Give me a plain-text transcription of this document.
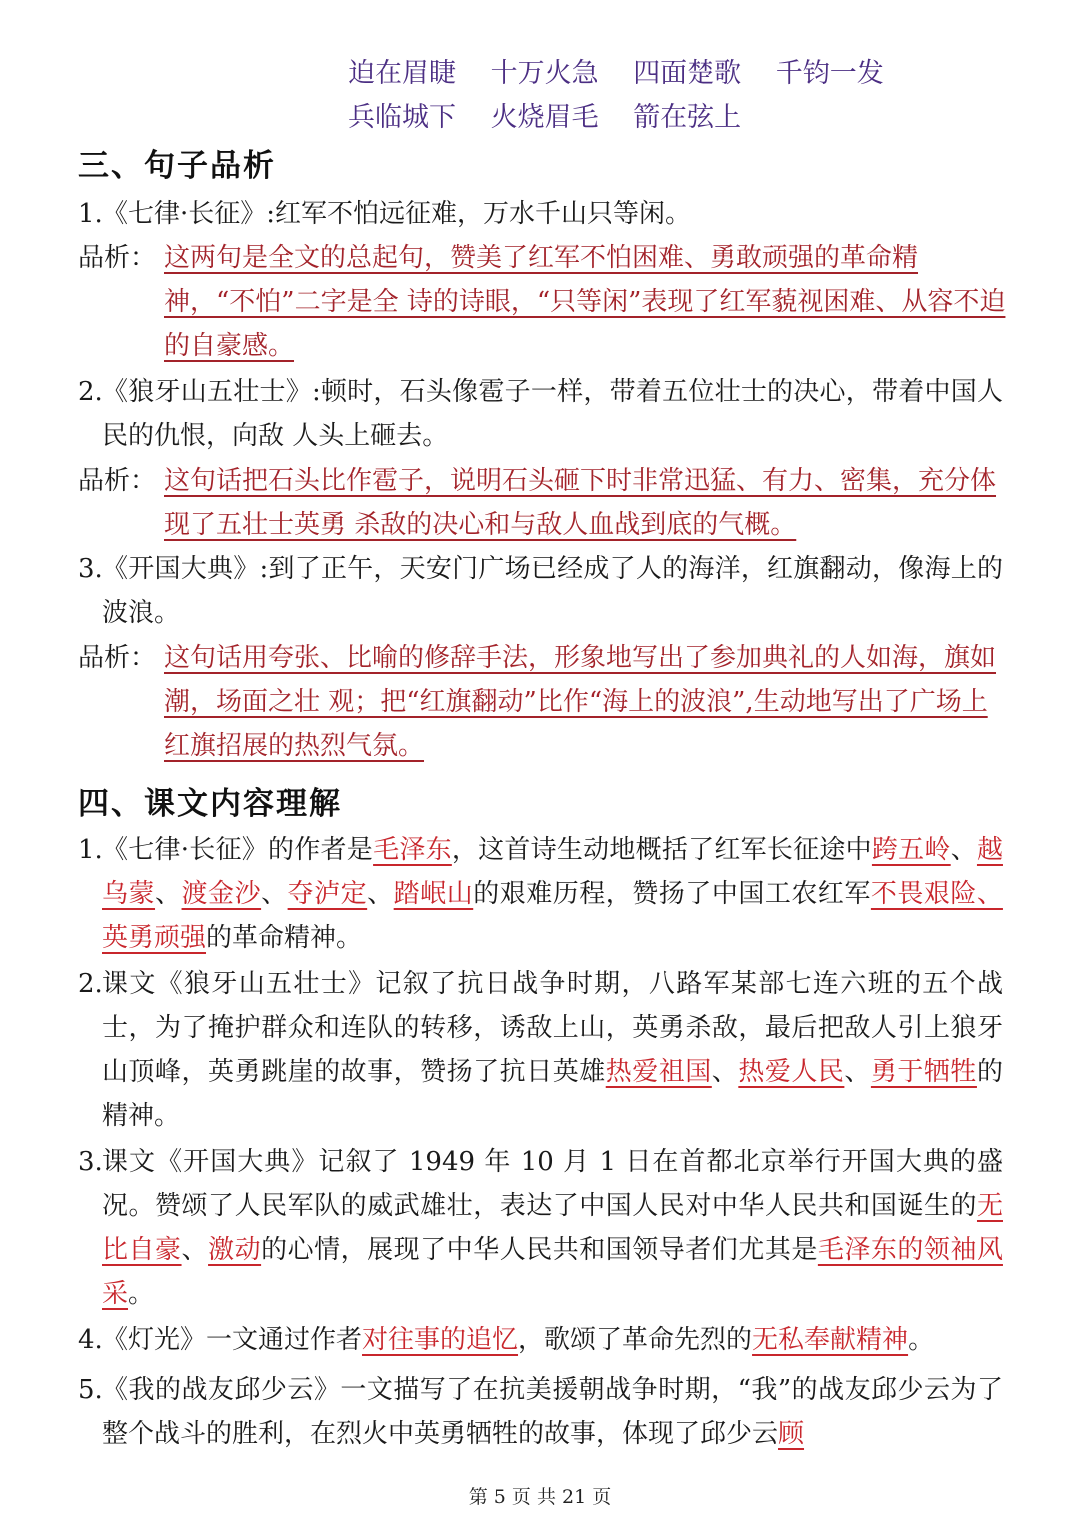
迫在眉睫 十万火急 四面楚歌 千钧一发 兵临城下 火烧眉毛 箭在弦上
三、句子品析
1. 《七律·长征》:红军不怕远征难，万水千山只等闲。
品析： 这两句是全文的总起句，赞美了红军不怕困难、勇敢顽强的革命精神，“不怕”二字是全 诗的诗眼，“只等闲”表现了红军藐视困难、从容不迫的自豪感。
2. 《狼牙山五壮士》:顿时，石头像雹子一样，带着五位壮士的决心，带着中国人民的仇恨，向敌 人头上砸去。
品析： 这句话把石头比作雹子，说明石头砸下时非常迅猛、有力、密集，充分体现了五壮士英勇 杀敌的决心和与敌人血战到底的气概。
3. 《开国大典》:到了正午，天安门广场已经成了人的海洋，红旗翻动，像海上的波浪。
品析： 这句话用夸张、比喻的修辞手法，形象地写出了参加典礼的人如海，旗如潮，场面之壮 观；把“红旗翻动”比作“海上的波浪”,生动地写出了广场上红旗招展的热烈气氛。
四、课文内容理解
1. 《七律·长征》的作者是毛泽东，这首诗生动地概括了红军长征途中跨五岭、越乌蒙、渡金沙、夺泸定、踏岷山的艰难历程，赞扬了中国工农红军不畏艰险、英勇顽强的革命精神。
2. 课文《狼牙山五壮士》记叙了抗日战争时期，八路军某部七连六班的五个战士，为了掩护群众和连队的转移，诱敌上山，英勇杀敌，最后把敌人引上狼牙山顶峰，英勇跳崖的故事，赞扬了抗日英雄热爱祖国、热爱人民、勇于牺牲的精神。
3. 课文《开国大典》记叙了 1949 年 10 月 1 日在首都北京举行开国大典的盛况。赞颂了人民军队的威武雄壮，表达了中国人民对中华人民共和国诞生的无比自豪、激动的心情，展现了中华人民共和国领导者们尤其是毛泽东的领袖风采。
4. 《灯光》一文通过作者对往事的追忆，歌颂了革命先烈的无私奉献精神。
5. 《我的战友邱少云》一文描写了在抗美援朝战争时期，“我”的战友邱少云为了整个战斗的胜利，在烈火中英勇牺牲的故事，体现了邱少云顾
第 5 页 共 21 页
